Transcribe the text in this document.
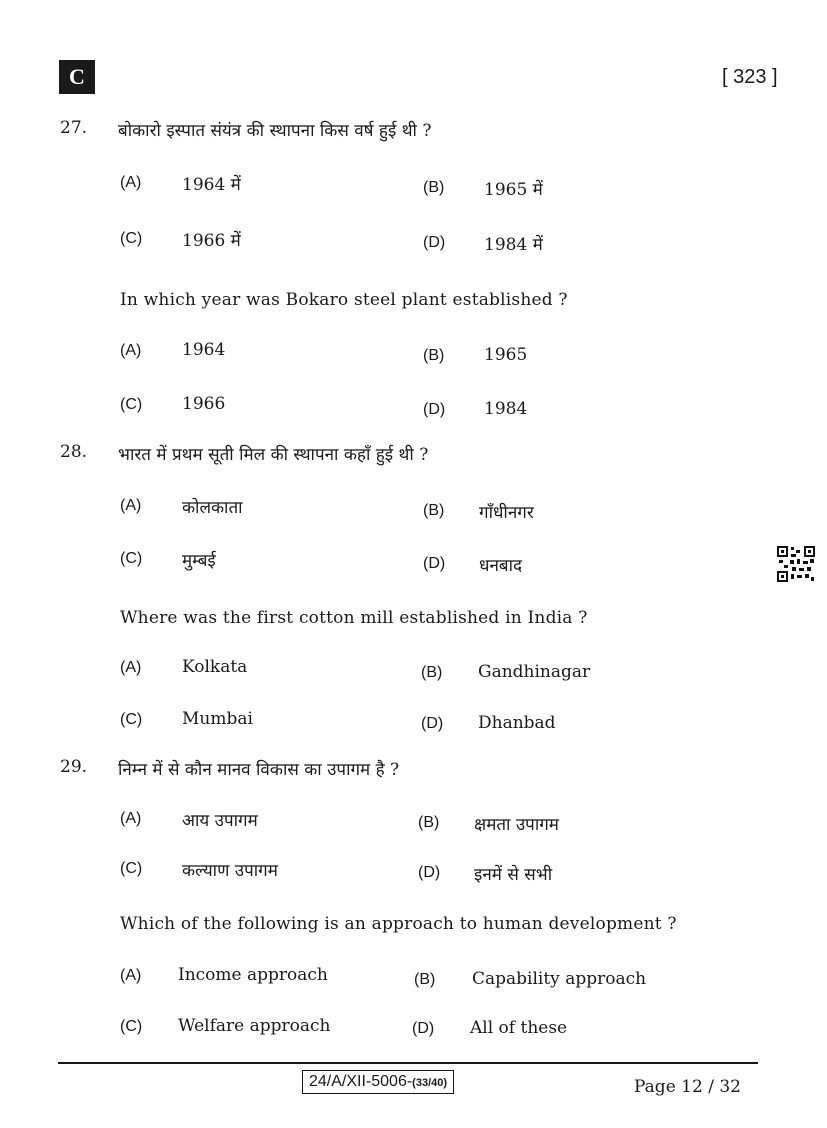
C	[ 323 ]
27. बोकारो इस्पात संयंत्र की स्थापना किस वर्ष हुई थी ?
(A) 1964 में	(B) 1965 में
(C) 1966 में	(D) 1984 में
In which year was Bokaro steel plant established ?
(A) 1964	(B) 1965
(C) 1966	(D) 1984
28. भारत में प्रथम सूती मिल की स्थापना कहाँ हुई थी ?
(A) कोलकाता	(B) गाँधीनगर
(C) मुम्बई	(D) धनबाद
Where was the first cotton mill established in India ?
(A) Kolkata	(B) Gandhinagar
(C) Mumbai	(D) Dhanbad
29. निम्न में से कौन मानव विकास का उपागम है ?
(A) आय उपागम	(B) क्षमता उपागम
(C) कल्याण उपागम	(D) इनमें से सभी
Which of the following is an approach to human development ?
(A) Income approach	(B) Capability approach
(C) Welfare approach	(D) All of these
24/A/XII-5006-(33/40)	Page 12 / 32
